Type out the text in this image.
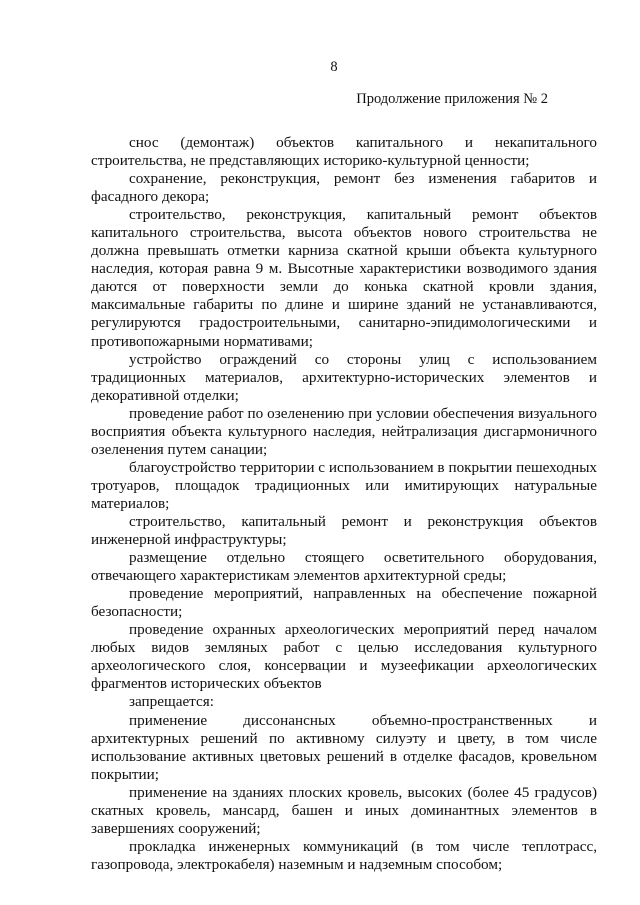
8
Продолжение приложения № 2

снос (демонтаж) объектов капитального и некапитального строительства, не представляющих историко-культурной ценности;

сохранение, реконструкция, ремонт без изменения габаритов и фасадного декора;

строительство, реконструкция, капитальный ремонт объектов капитального строительства, высота объектов нового строительства не должна превышать отметки карниза скатной крыши объекта культурного наследия, которая равна 9 м. Высотные характеристики возводимого здания даются от поверхности земли до конька скатной кровли здания, максимальные габариты по длине и ширине зданий не устанавливаются, регулируются градостроительными, санитарно-эпидимологическими и противопожарными нормативами;

устройство ограждений со стороны улиц с использованием традиционных материалов, архитектурно-исторических элементов и декоративной отделки;

проведение работ по озеленению при условии обеспечения визуального восприятия объекта культурного наследия, нейтрализация дисгармоничного озеленения путем санации;

благоустройство территории с использованием в покрытии пешеходных тротуаров, площадок традиционных или имитирующих натуральные материалов;

строительство, капитальный ремонт и реконструкция объектов инженерной инфраструктуры;

размещение отдельно стоящего осветительного оборудования, отвечающего характеристикам элементов архитектурной среды;

проведение мероприятий, направленных на обеспечение пожарной безопасности;

проведение охранных археологических мероприятий перед началом любых видов земляных работ с целью исследования культурного археологического слоя, консервации и музеефикации археологических фрагментов исторических объектов

запрещается:

применение диссонансных объемно-пространственных и архитектурных решений по активному силуэту и цвету, в том числе использование активных цветовых решений в отделке фасадов, кровельном покрытии;

применение на зданиях плоских кровель, высоких (более 45 градусов) скатных кровель, мансард, башен и иных доминантных элементов в завершениях сооружений;

прокладка инженерных коммуникаций (в том числе теплотрасс, газопровода, электрокабеля) наземным и надземным способом;
